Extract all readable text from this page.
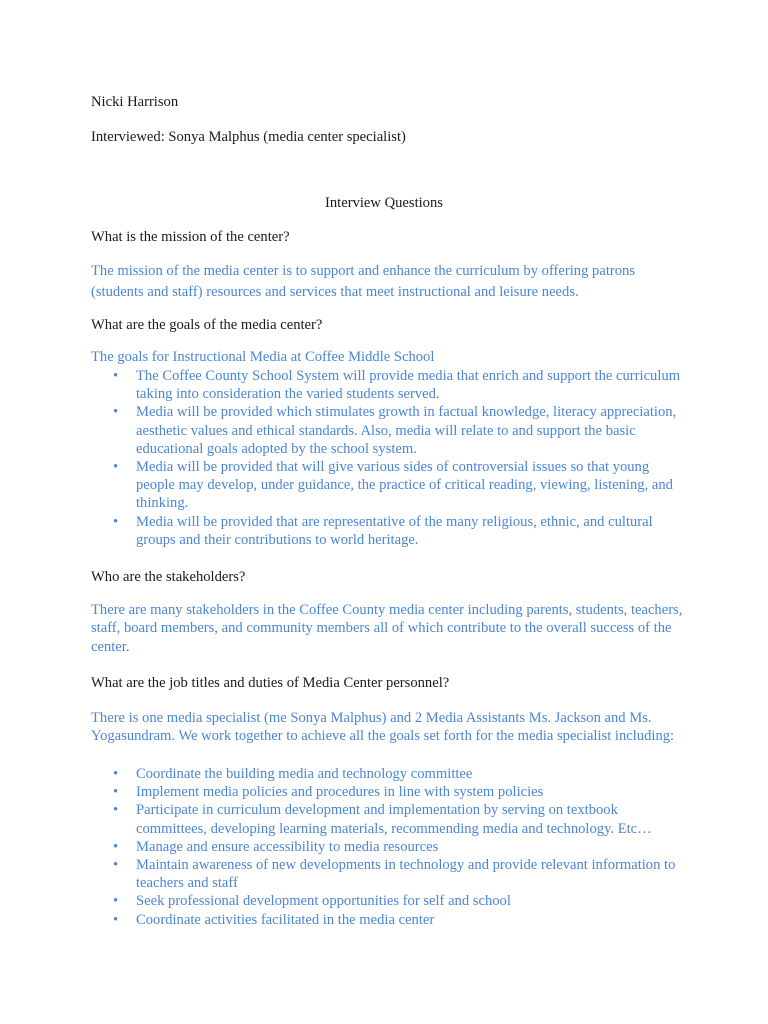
Nicki Harrison
Interviewed: Sonya Malphus (media center specialist)
Interview Questions
What is the mission of the center?
The mission of the media center is to support and enhance the curriculum by offering patrons (students and staff) resources and services that meet instructional and leisure needs.
What are the goals of the media center?
The goals for Instructional Media at Coffee Middle School
• The Coffee County School System will provide media that enrich and support the curriculum taking into consideration the varied students served.
• Media will be provided which stimulates growth in factual knowledge, literacy appreciation, aesthetic values and ethical standards. Also, media will relate to and support the basic educational goals adopted by the school system.
• Media will be provided that will give various sides of controversial issues so that young people may develop, under guidance, the practice of critical reading, viewing, listening, and thinking.
• Media will be provided that are representative of the many religious, ethnic, and cultural groups and their contributions to world heritage.
Who are the stakeholders?
There are many stakeholders in the Coffee County media center including parents, students, teachers, staff, board members, and community members all of which contribute to the overall success of the center.
What are the job titles and duties of Media Center personnel?
There is one media specialist (me Sonya Malphus) and 2 Media Assistants Ms. Jackson and Ms. Yogasundram. We work together to achieve all the goals set forth for the media specialist including:
• Coordinate the building media and technology committee
• Implement media policies and procedures in line with system policies
• Participate in curriculum development and implementation by serving on textbook committees, developing learning materials, recommending media and technology. Etc…
• Manage and ensure accessibility to media resources
• Maintain awareness of new developments in technology and provide relevant information to teachers and staff
• Seek professional development opportunities for self and school
• Coordinate activities facilitated in the media center
